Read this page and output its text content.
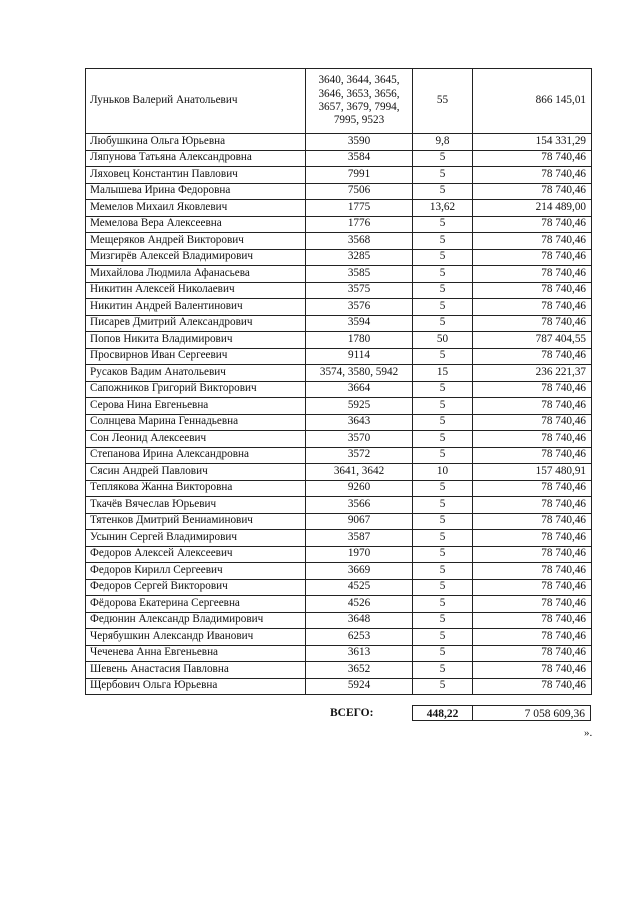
Луньков Валерий Анатольевич	3640, 3644, 3645, 3646, 3653, 3656, 3657, 3679, 7994, 7995, 9523	55	866 145,01
Любушкина Ольга Юрьевна	3590	9,8	154 331,29
Ляпунова Татьяна Александровна	3584	5	78 740,46
Ляховец Константин Павлович	7991	5	78 740,46
Малышева Ирина Федоровна	7506	5	78 740,46
Мемелов Михаил Яковлевич	1775	13,62	214 489,00
Мемелова Вера Алексеевна	1776	5	78 740,46
Мещеряков Андрей Викторович	3568	5	78 740,46
Мизгирёв Алексей Владимирович	3285	5	78 740,46
Михайлова Людмила Афанасьева	3585	5	78 740,46
Никитин Алексей Николаевич	3575	5	78 740,46
Никитин Андрей Валентинович	3576	5	78 740,46
Писарев Дмитрий Александрович	3594	5	78 740,46
Попов Никита Владимирович	1780	50	787 404,55
Просвирнов Иван Сергеевич	9114	5	78 740,46
Русаков Вадим Анатольевич	3574, 3580, 5942	15	236 221,37
Сапожников Григорий Викторович	3664	5	78 740,46
Серова Нина Евгеньевна	5925	5	78 740,46
Солнцева Марина Геннадьевна	3643	5	78 740,46
Сон Леонид Алексеевич	3570	5	78 740,46
Степанова Ирина Александровна	3572	5	78 740,46
Сясин Андрей Павлович	3641, 3642	10	157 480,91
Теплякова Жанна Викторовна	9260	5	78 740,46
Ткачёв Вячеслав Юрьевич	3566	5	78 740,46
Тятенков Дмитрий Вениаминович	9067	5	78 740,46
Усынин Сергей Владимирович	3587	5	78 740,46
Федоров Алексей Алексеевич	1970	5	78 740,46
Федоров Кирилл Сергеевич	3669	5	78 740,46
Федоров Сергей Викторович	4525	5	78 740,46
Фёдорова Екатерина Сергеевна	4526	5	78 740,46
Федюнин Александр Владимирович	3648	5	78 740,46
Черябушкин Александр Иванович	6253	5	78 740,46
Чеченева Анна Евгеньевна	3613	5	78 740,46
Шевень Анастасия Павловна	3652	5	78 740,46
Щербович Ольга Юрьевна	5924	5	78 740,46
ВСЕГО:	448,22	7 058 609,36
».
